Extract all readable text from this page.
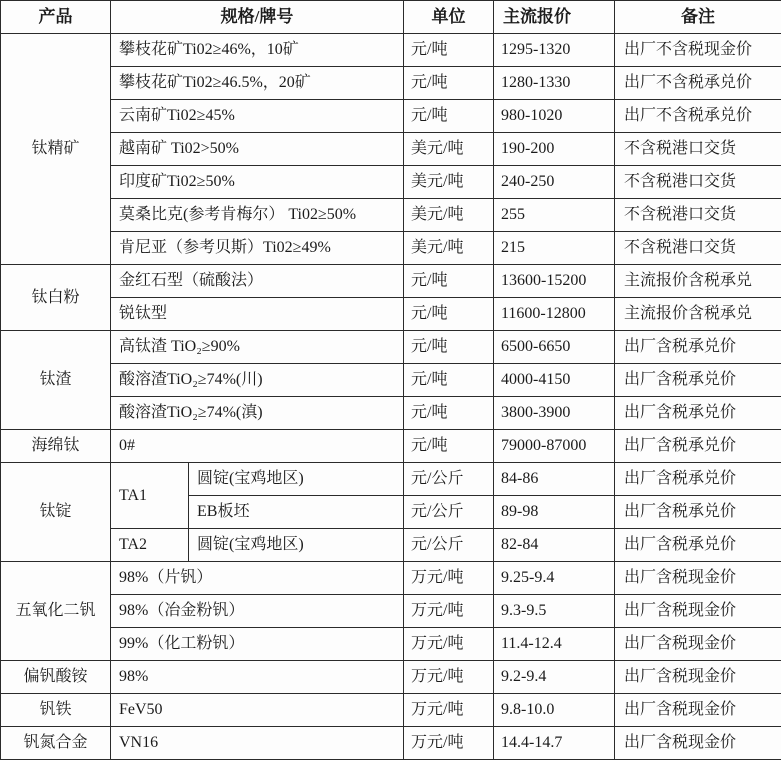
产品	规格/牌号		单位	主流报价	备注
钛精矿	攀枝花矿Ti02≥46%，10矿		元/吨	1295-1320	出厂不含税现金价
	攀枝花矿Ti02≥46.5%，20矿		元/吨	1280-1330	出厂不含税承兑价
	云南矿Ti02≥45%		元/吨	980-1020	出厂不含税承兑价
	越南矿 Ti02>50%		美元/吨	190-200	不含税港口交货
	印度矿Ti02≥50%		美元/吨	240-250	不含税港口交货
	莫桑比克(参考肯梅尔） Ti02≥50%		美元/吨	255	不含税港口交货
	肯尼亚（参考贝斯）Ti02≥49%		美元/吨	215	不含税港口交货
钛白粉	金红石型（硫酸法）		元/吨	13600-15200	主流报价含税承兑
	锐钛型		元/吨	11600-12800	主流报价含税承兑
钛渣	高钛渣 TiO₂≥90%		元/吨	6500-6650	出厂含税承兑价
	酸溶渣TiO₂≥74%(川)		元/吨	4000-4150	出厂含税承兑价
	酸溶渣TiO₂≥74%(滇)		元/吨	3800-3900	出厂含税承兑价
海绵钛	0#		元/吨	79000-87000	出厂含税承兑价
钛锭	TA1	圆锭(宝鸡地区)	元/公斤	84-86	出厂含税承兑价
		EB板坯	元/公斤	89-98	出厂含税承兑价
	TA2	圆锭(宝鸡地区)	元/公斤	82-84	出厂含税承兑价
五氧化二钒	98%（片钒）		万元/吨	9.25-9.4	出厂含税现金价
	98%（冶金粉钒）		万元/吨	9.3-9.5	出厂含税现金价
	99%（化工粉钒）		万元/吨	11.4-12.4	出厂含税现金价
偏钒酸铵	98%		万元/吨	9.2-9.4	出厂含税现金价
钒铁	FeV50		万元/吨	9.8-10.0	出厂含税现金价
钒氮合金	VN16		万元/吨	14.4-14.7	出厂含税现金价
